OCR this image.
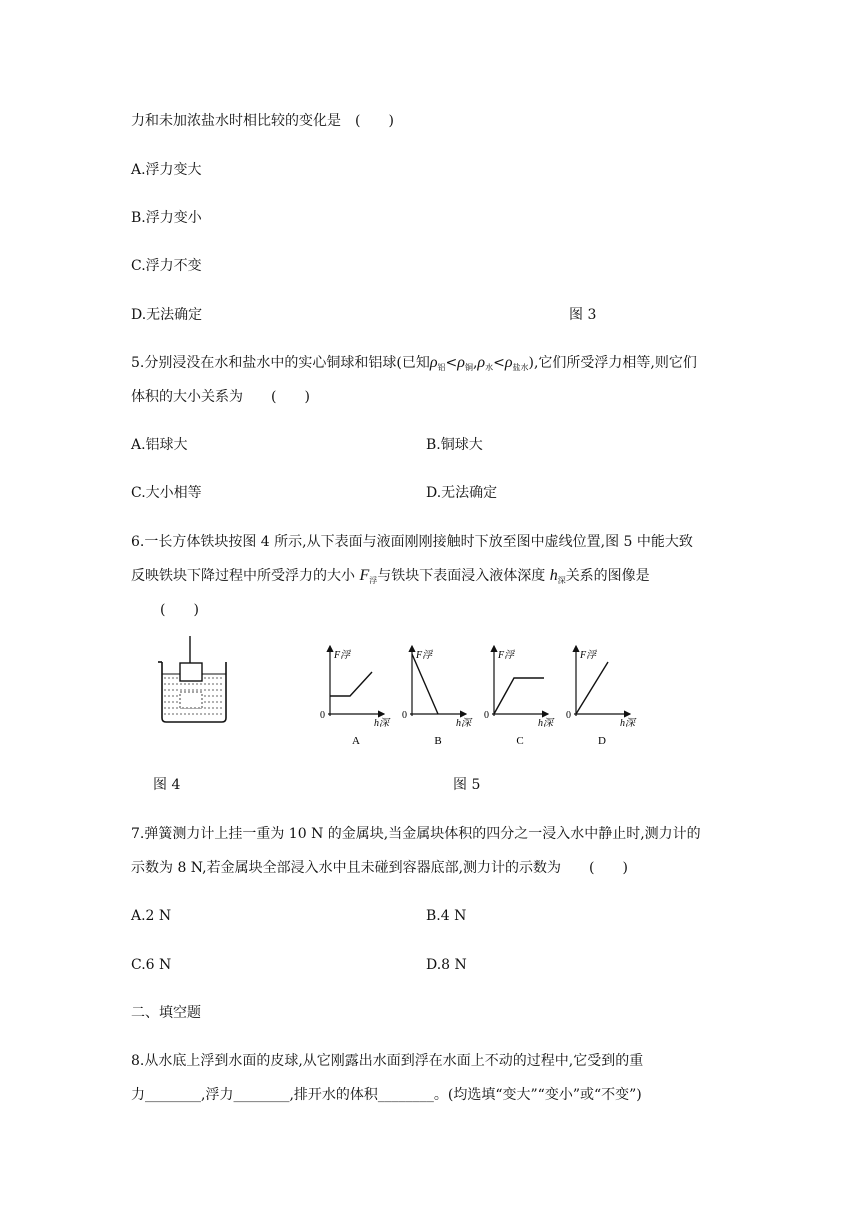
力和未加浓盐水时相比较的变化是　(　　)
A.浮力变大
B.浮力变小
C.浮力不变
D.无法确定	图 3
5.分别浸没在水和盐水中的实心铜球和铝球(已知$\rho_铝<\rho_铜,\rho_水<\rho_{盐水}$),它们所受浮力相等,则它们
体积的大小关系为　　(　　)
A.铝球大	B.铜球大
C.大小相等	D.无法确定
6.一长方体铁块按图 4 所示,从下表面与液面刚刚接触时下放至图中虚线位置,图 5 中能大致
反映铁块下降过程中所受浮力的大小 $F_浮$与铁块下表面浸入液体深度 $h_深$关系的图像是
(　　)
F浮
h深
0
A
F浮
h深
0
B
F浮
h深
0
C
F浮
h深
0
D
图 4	图 5
7.弹簧测力计上挂一重为 10 N 的金属块,当金属块体积的四分之一浸入水中静止时,测力计的
示数为 8 N,若金属块全部浸入水中且未碰到容器底部,测力计的示数为　　(　　)
A.2 N	B.4 N
C.6 N	D.8 N
二、填空题
8.从水底上浮到水面的皮球,从它刚露出水面到浮在水面上不动的过程中,它受到的重
力________,浮力________,排开水的体积________。(均选填“变大”“变小”或“不变”)
